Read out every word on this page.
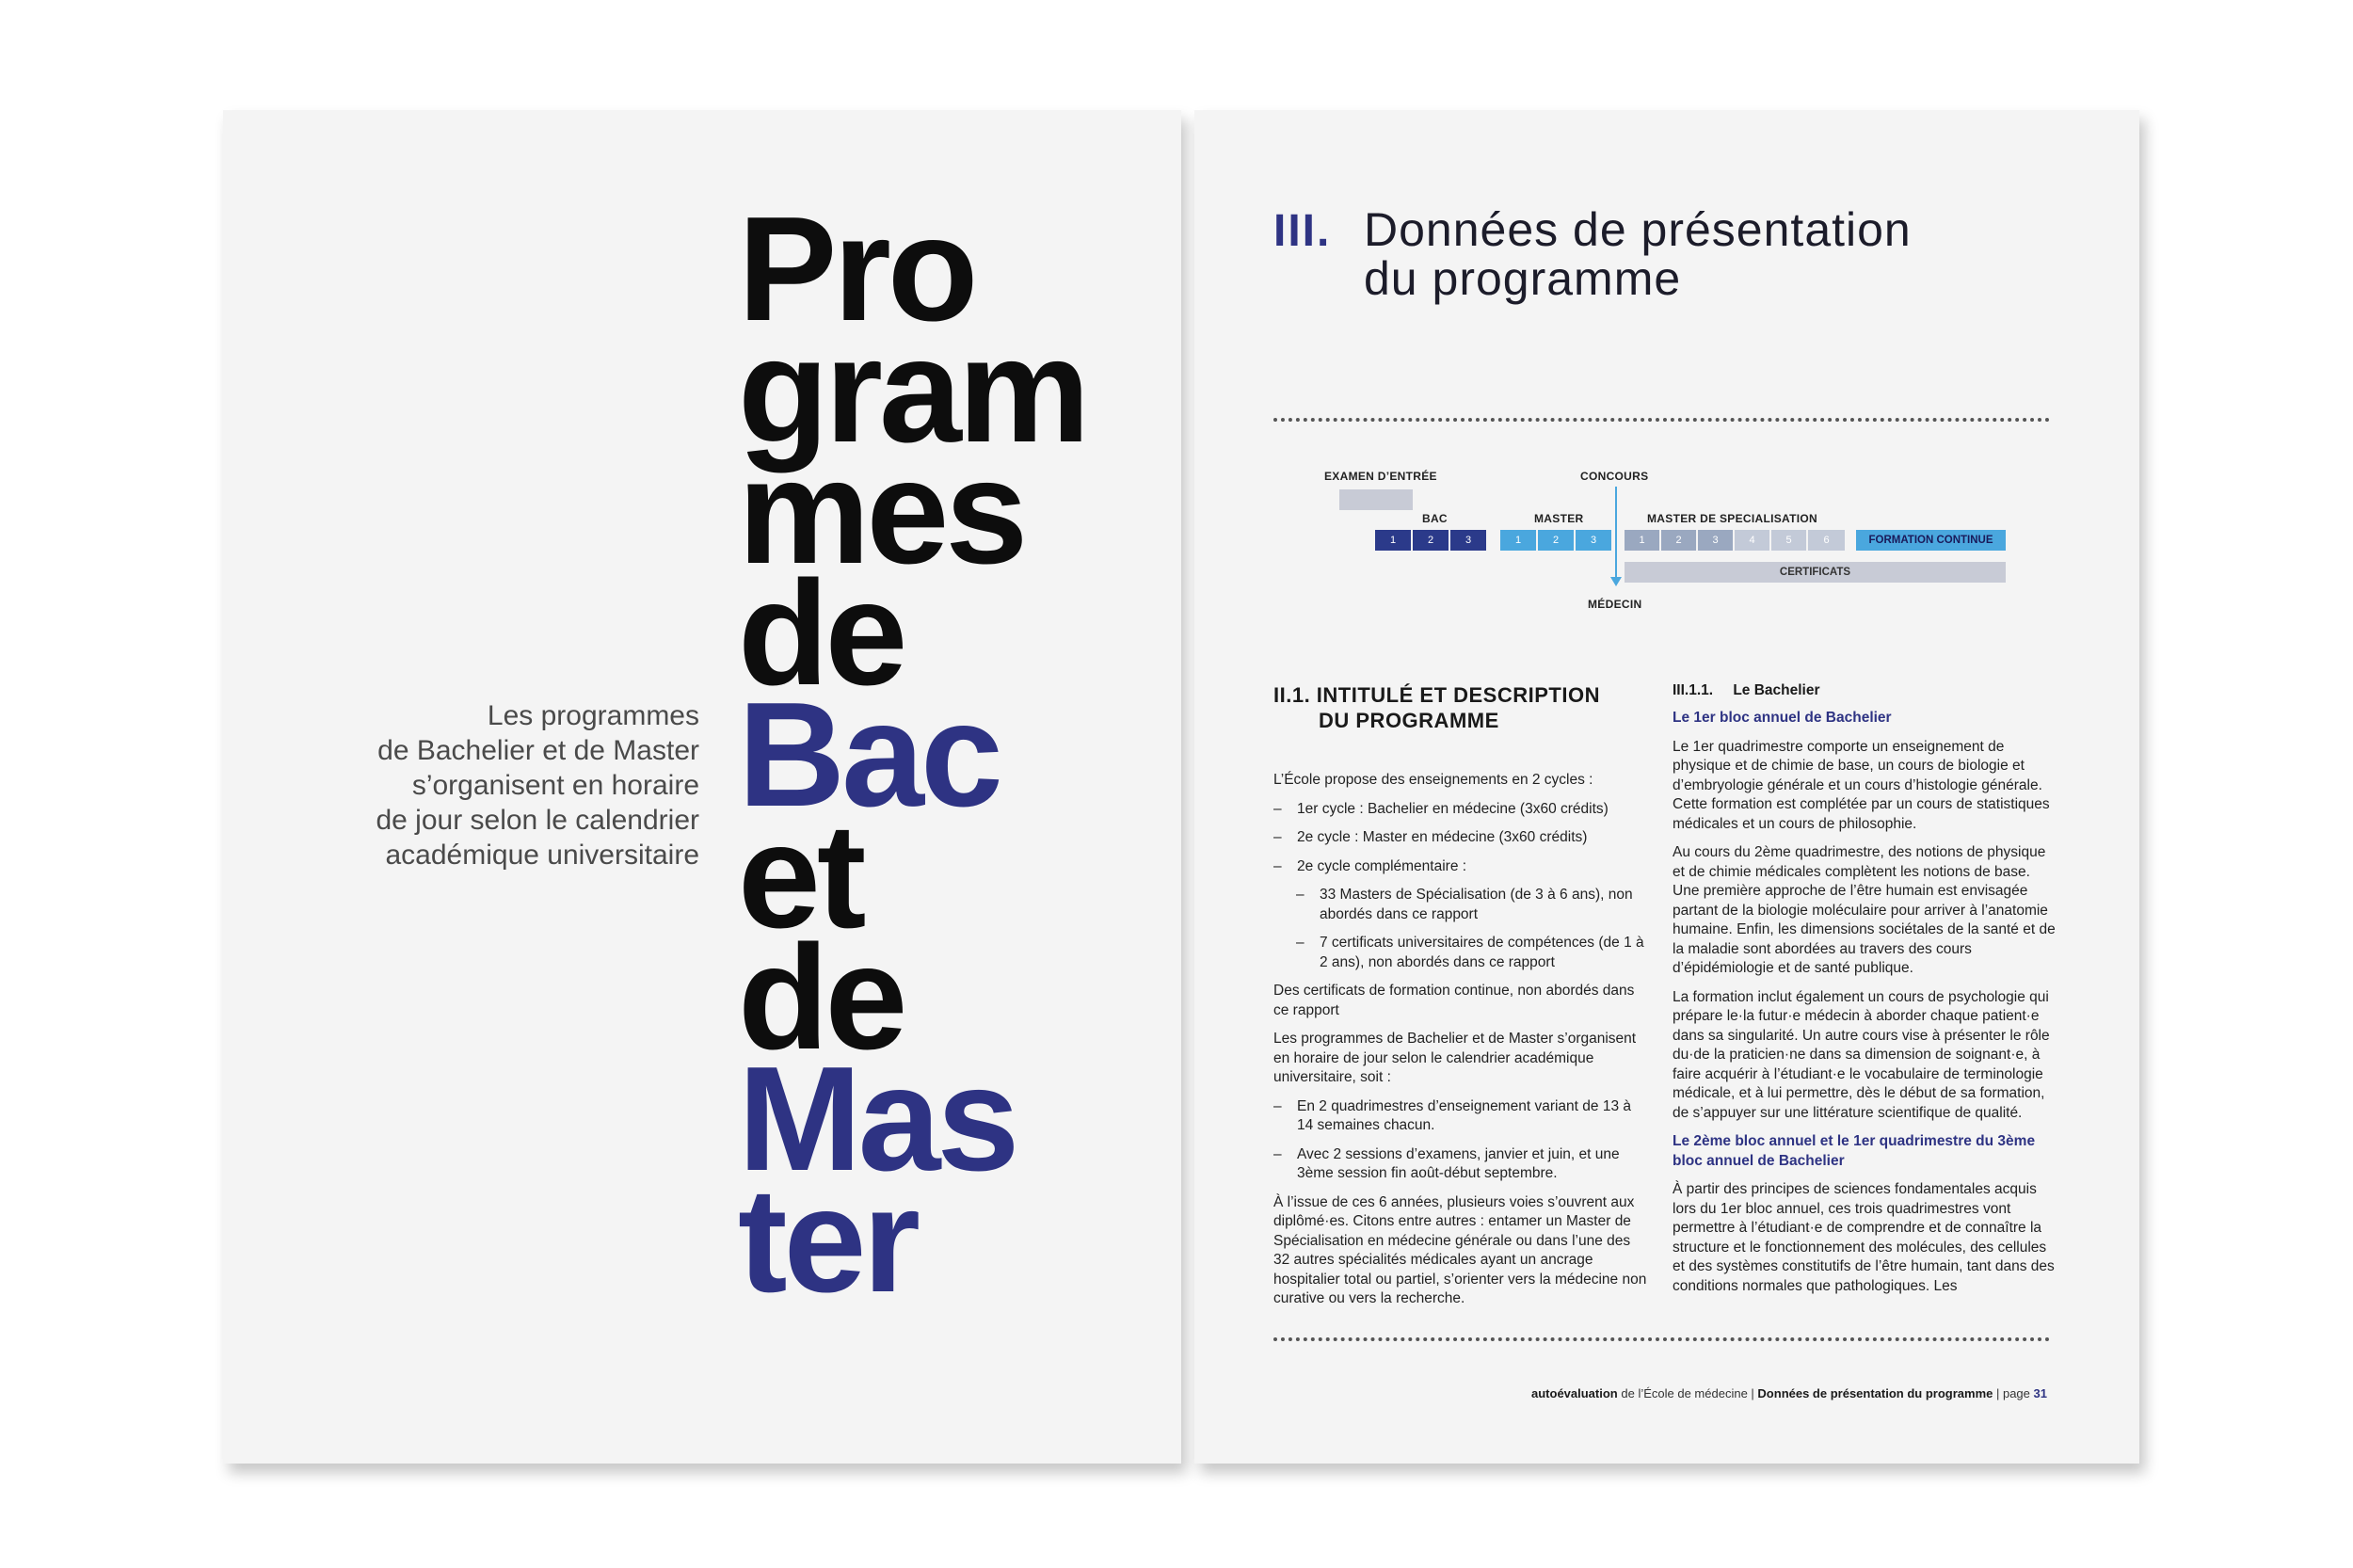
Pro
gram
mes
de
Bac
et
de
Mas
ter
Les programmes
de Bachelier et de Master
s’organisent en horaire
de jour selon le calendrier
académique universitaire
III. Données de présentation
du programme
EXAMEN D’ENTRÉE	CONCOURS
BAC	MASTER	MASTER DE SPECIALISATION
1	2	3	1	2	3	1	2	3	4	5	6	FORMATION CONTINUE
CERTIFICATS
MÉDECIN
II.1. INTITULÉ ET DESCRIPTION
DU PROGRAMME
L’École propose des enseignements en 2 cycles :
– 1er cycle : Bachelier en médecine (3x60 crédits)
– 2e cycle : Master en médecine (3x60 crédits)
– 2e cycle complémentaire :
– 33 Masters de Spécialisation (de 3 à 6 ans), non abordés dans ce rapport
– 7 certificats universitaires de compétences (de 1 à 2 ans), non abordés dans ce rapport
Des certificats de formation continue, non abordés dans ce rapport
Les programmes de Bachelier et de Master s’organisent en horaire de jour selon le calendrier académique universitaire, soit :
– En 2 quadrimestres d’enseignement variant de 13 à 14 semaines chacun.
– Avec 2 sessions d’examens, janvier et juin, et une 3ème session fin août-début septembre.
À l’issue de ces 6 années, plusieurs voies s’ouvrent aux diplômé·es. Citons entre autres : entamer un Master de Spécialisation en médecine générale ou dans l’une des 32 autres spécialités médicales ayant un ancrage hospitalier total ou partiel, s’orienter vers la médecine non curative ou vers la recherche.
III.1.1. Le Bachelier
Le 1er bloc annuel de Bachelier
Le 1er quadrimestre comporte un enseignement de physique et de chimie de base, un cours de biologie et d’embryologie générale et un cours d’histologie générale. Cette formation est complétée par un cours de statistiques médicales et un cours de philosophie.
Au cours du 2ème quadrimestre, des notions de physique et de chimie médicales complètent les notions de base. Une première approche de l’être humain est envisagée partant de la biologie moléculaire pour arriver à l’anatomie humaine. Enfin, les dimensions sociétales de la santé et de la maladie sont abordées au travers des cours d’épidémiologie et de santé publique.
La formation inclut également un cours de psychologie qui prépare le·la futur·e médecin à aborder chaque patient·e dans sa singularité. Un autre cours vise à présenter le rôle du·de la praticien·ne dans sa dimension de soignant·e, à faire acquérir à l’étudiant·e le vocabulaire de terminologie médicale, et à lui permettre, dès le début de sa formation, de s’appuyer sur une littérature scientifique de qualité.
Le 2ème bloc annuel et le 1er quadrimestre du 3ème bloc annuel de Bachelier
À partir des principes de sciences fondamentales acquis lors du 1er bloc annuel, ces trois quadrimestres vont permettre à l’étudiant·e de comprendre et de connaître la structure et le fonctionnement des molécules, des cellules et des systèmes constitutifs de l’être humain, tant dans des conditions normales que pathologiques. Les
autoévaluation de l’École de médecine | Données de présentation du programme | page 31
